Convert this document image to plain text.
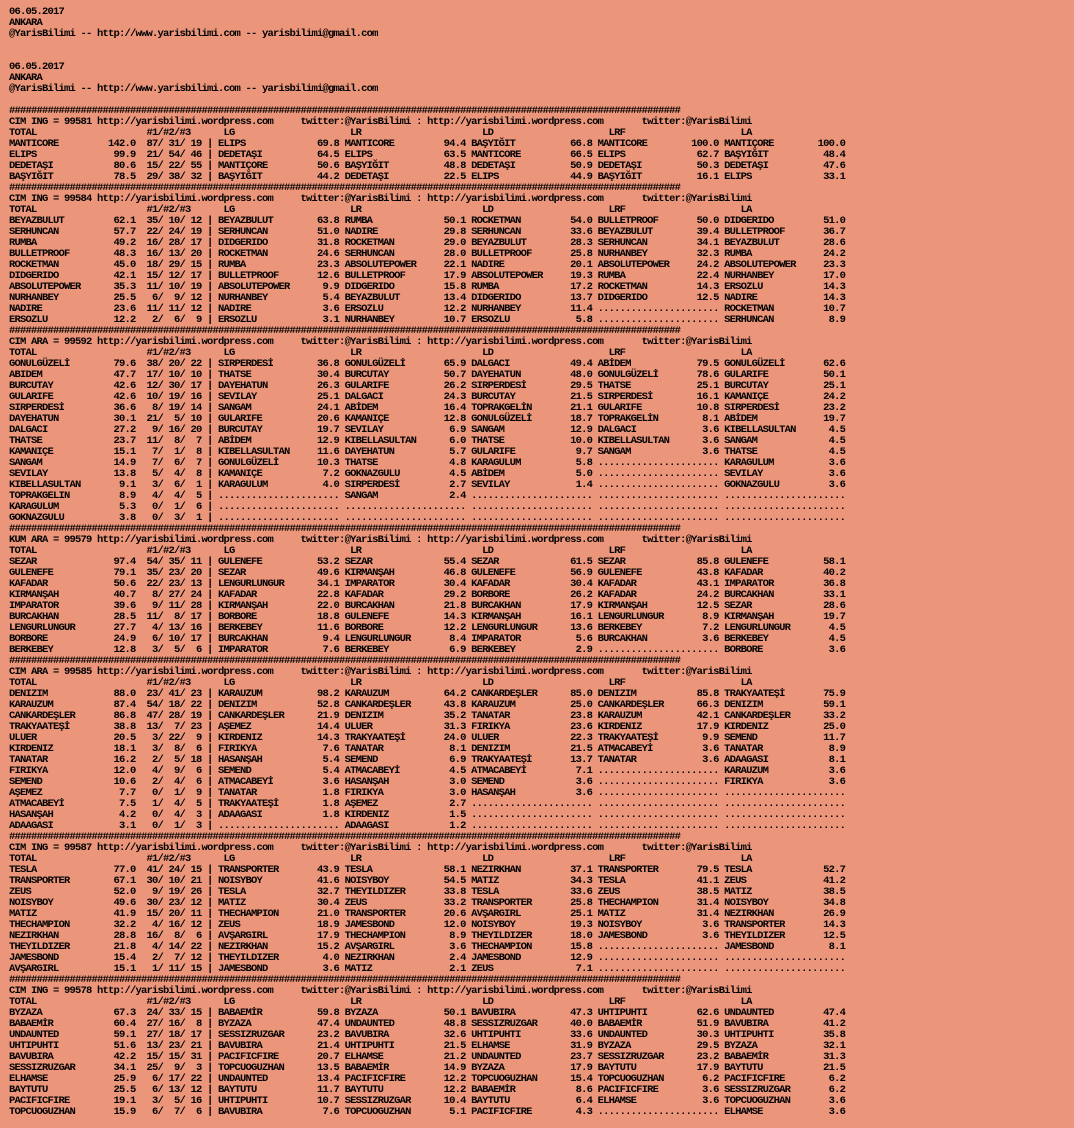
06.05.2017
ANKARA
@YarisBilimi -- http://www.yarisbilimi.com -- yarisbilimi@gmail.com

06.05.2017
ANKARA
@YarisBilimi -- http://www.yarisbilimi.com -- yarisbilimi@gmail.com

##########################################################################################################################
CIM ING = 99581 http://yarisbilimi.wordpress.com     twitter:@YarisBilimi : http://yarisbilimi.wordpress.com       twitter:@YarisBilimi
TOTAL                    #1/#2/#3      LG                     LR                      LD                     LRF                     LA
MANTICORE         142.0  87/ 31/ 19 | ELIPS             69.8 MANTICORE         94.4 BAŞYIĞIT          66.8 MANTICORE        100.0 MANTIÇORE        100.0
ELIPS              99.9  21/ 54/ 46 | DEDETAŞI          64.5 ELIPS             63.5 MANTICORE         66.5 ELIPS             62.7 BAŞYIĞIT          48.4
DEDETAŞI           80.6  15/ 22/ 55 | MANTIÇORE         50.6 BAŞYIĞIT          48.8 DEDETAŞI          50.9 DEDETAŞI          50.3 DEDETAŞI          47.6
BAŞYIĞIT           78.5  29/ 38/ 32 | BAŞYIĞIT          44.2 DEDETAŞI          22.5 ELIPS             44.9 BAŞYIĞIT          16.1 ELIPS             33.1
##########################################################################################################################
CIM ING = 99584 http://yarisbilimi.wordpress.com     twitter:@YarisBilimi : http://yarisbilimi.wordpress.com       twitter:@YarisBilimi
TOTAL                    #1/#2/#3      LG                     LR                      LD                     LRF                     LA
BEYAZBULUT         62.1  35/ 10/ 12 | BEYAZBULUT        63.8 RUMBA             50.1 ROCKETMAN         54.0 BULLETPROOF       50.0 DIDGERIDO         51.0
SERHUNCAN          57.7  22/ 24/ 19 | SERHUNCAN         51.0 NADIRE            29.8 SERHUNCAN         33.6 BEYAZBULUT        39.4 BULLETPROOF       36.7
RUMBA              49.2  16/ 28/ 17 | DIDGERIDO         31.8 ROCKETMAN         29.0 BEYAZBULUT        28.3 SERHUNCAN         34.1 BEYAZBULUT        28.6
BULLETPROOF        48.3  16/ 13/ 20 | ROCKETMAN         24.6 SERHUNCAN         28.0 BULLETPROOF       25.8 NURHANBEY         32.3 RUMBA             24.2
ROCKETMAN          45.0  18/ 29/ 15 | RUMBA             23.3 ABSOLUTEPOWER     22.1 NADIRE            20.1 ABSOLUTEPOWER     24.2 ABSOLUTEPOWER     23.3
DIDGERIDO          42.1  15/ 12/ 17 | BULLETPROOF       12.6 BULLETPROOF       17.9 ABSOLUTEPOWER     19.3 RUMBA             22.4 NURHANBEY         17.0
ABSOLUTEPOWER      35.3  11/ 10/ 19 | ABSOLUTEPOWER      9.9 DIDGERIDO         15.8 RUMBA             17.2 ROCKETMAN         14.3 ERSOZLU           14.3
NURHANBEY          25.5   6/  9/ 12 | NURHANBEY          5.4 BEYAZBULUT        13.4 DIDGERIDO         13.7 DIDGERIDO         12.5 NADIRE            14.3
NADIRE             23.6  11/ 11/ 12 | NADIRE             3.6 ERSOZLU           12.2 NURHANBEY         11.4 ...................... ROCKETMAN         10.7
ERSOZLU            12.2   2/  6/  9 | ERSOZLU            3.1 NURHANBEY         10.7 ERSOZLU            5.8 ...................... SERHUNCAN          8.9
##########################################################################################################################
CIM ARA = 99592 http://yarisbilimi.wordpress.com     twitter:@YarisBilimi : http://yarisbilimi.wordpress.com       twitter:@YarisBilimi
TOTAL                    #1/#2/#3      LG                     LR                      LD                     LRF                     LA
GONULGÜZELİ        79.6  38/ 20/ 22 | SIRPERDESİ        36.8 GONULGÜZELİ       65.9 DALGACI           49.4 ABİDEM            79.5 GONULGÜZELİ       62.6
ABIDEM             47.7  17/ 10/ 10 | THATSE            30.4 BURCUTAY          50.7 DAYEHATUN         48.0 GONULGÜZELİ       78.6 GULARIFE          50.1
BURCUTAY           42.6  12/ 30/ 17 | DAYEHATUN         26.3 GULARIFE          26.2 SIRPERDESİ        29.5 THATSE            25.1 BURCUTAY          25.1
GULARIFE           42.6  10/ 19/ 16 | SEVILAY           25.1 DALGACI           24.3 BURCUTAY          21.5 SIRPERDESİ        16.1 KAMANIÇE          24.2
SIRPERDESİ         36.6   8/ 19/ 14 | SANGAM            24.1 ABİDEM            16.4 TOPRAKGELİN       21.1 GULARIFE          10.8 SIRPERDESİ        23.2
DAYEHATUN          30.1  21/  5/ 10 | GULARIFE          20.6 KAMANIÇE          12.8 GONULGÜZELİ       18.7 TOPRAKGELİN        8.1 ABİDEM            19.7
DALGACI            27.2   9/ 16/ 20 | BURCUTAY          19.7 SEVILAY            6.9 SANGAM            12.9 DALGACI            3.6 KIBELLASULTAN      4.5
THATSE             23.7  11/  8/  7 | ABİDEM            12.9 KIBELLASULTAN      6.0 THATSE            10.0 KIBELLASULTAN      3.6 SANGAM             4.5
KAMANIÇE           15.1   7/  1/  8 | KIBELLASULTAN     11.6 DAYEHATUN          5.7 GULARIFE           9.7 SANGAM             3.6 THATSE             4.5
SANGAM             14.9   7/  6/  7 | GONULGÜZELİ       10.3 THATSE             4.8 KARAGULUM          5.8 ...................... KARAGULUM          3.6
SEVILAY            13.8   5/  4/  8 | KAMANIÇE           7.2 GOKNAZGULU         4.5 ABİDEM             5.0 ...................... SEVILAY            3.6
KIBELLASULTAN       9.1   3/  6/  1 | KARAGULUM          4.0 SIRPERDESİ         2.7 SEVILAY            1.4 ...................... GOKNAZGULU         3.6
TOPRAKGELIN         8.9   4/  4/  5 | ...................... SANGAM             2.4 ...................... ...................... ......................
KARAGULUM           5.3   0/  1/  6 | ...................... ...................... ...................... ...................... ......................
GOKNAZGULU          3.8   0/  3/  1 | ...................... ...................... ...................... ...................... ......................
##########################################################################################################################
KUM ARA = 99579 http://yarisbilimi.wordpress.com     twitter:@YarisBilimi : http://yarisbilimi.wordpress.com       twitter:@YarisBilimi
TOTAL                    #1/#2/#3      LG                     LR                      LD                     LRF                     LA
SEZAR              97.4  54/ 35/ 11 | GULENEFE          53.2 SEZAR             55.4 SEZAR             61.5 SEZAR             85.8 GULENEFE          58.1
GULENEFE           79.1  35/ 23/ 20 | SEZAR             49.6 KIRMANŞAH         46.8 GULENEFE          56.9 GULENEFE          43.8 KAFADAR           40.2
KAFADAR            50.6  22/ 23/ 13 | LENGURLUNGUR      34.1 IMPARATOR         30.4 KAFADAR           30.4 KAFADAR           43.1 IMPARATOR         36.8
KIRMANŞAH          40.7   8/ 27/ 24 | KAFADAR           22.8 KAFADAR           29.2 BORBORE           26.2 KAFADAR           24.2 BURCAKHAN         33.1
IMPARATOR          39.6   9/ 11/ 28 | KIRMANŞAH         22.0 BURCAKHAN         21.8 BURCAKHAN         17.9 KIRMANŞAH         12.5 SEZAR             28.6
BURCAKHAN          28.5  11/  8/ 17 | BORBORE           18.8 GULENEFE          14.3 KIRMANŞAH         16.1 LENGURLUNGUR       8.9 KIRMANŞAH         19.7
LENGURLUNGUR       27.7   4/ 13/ 16 | BERKEBEY          11.6 BORBORE           12.2 LENGURLUNGUR      13.6 BERKEBEY           7.2 LENGURLUNGUR       4.5
BORBORE            24.9   6/ 10/ 17 | BURCAKHAN          9.4 LENGURLUNGUR       8.4 IMPARATOR          5.6 BURCAKHAN          3.6 BERKEBEY           4.5
BERKEBEY           12.8   3/  5/  6 | IMPARATOR          7.6 BERKEBEY           6.9 BERKEBEY           2.9 ...................... BORBORE            3.6
##########################################################################################################################
CIM ARA = 99585 http://yarisbilimi.wordpress.com     twitter:@YarisBilimi : http://yarisbilimi.wordpress.com       twitter:@YarisBilimi
TOTAL                    #1/#2/#3      LG                     LR                      LD                     LRF                     LA
DENIZIM            88.0  23/ 41/ 23 | KARAUZUM          98.2 KARAUZUM          64.2 CANKARDEŞLER      85.0 DENIZIM           85.8 TRAKYAATEŞİ       75.9
KARAUZUM           87.4  54/ 18/ 22 | DENIZIM           52.8 CANKARDEŞLER      43.8 KARAUZUM          25.0 CANKARDEŞLER      66.3 DENIZIM           59.1
CANKARDEŞLER       86.8  47/ 28/ 19 | CANKARDEŞLER      21.9 DENIZIM           35.2 TANATAR           23.8 KARAUZUM          42.1 CANKARDEŞLER      33.2
TRAKYAATEŞİ        38.8  13/  7/ 23 | AŞEMEZ            14.4 ULUER             31.3 FIRIKYA           23.6 KIRDENIZ          17.9 KIRDENIZ          25.0
ULUER              20.5   3/ 22/  9 | KIRDENIZ          14.3 TRAKYAATEŞİ       24.0 ULUER             22.3 TRAKYAATEŞİ        9.9 SEMEND            11.7
KIRDENIZ           18.1   3/  8/  6 | FIRIKYA            7.6 TANATAR            8.1 DENIZIM           21.5 ATMACABEYİ         3.6 TANATAR            8.9
TANATAR            16.2   2/  5/ 18 | HASANŞAH           5.4 SEMEND             6.9 TRAKYAATEŞİ       13.7 TANATAR            3.6 ADAAGASI           8.1
FIRIKYA            12.0   4/  9/  6 | SEMEND             5.4 ATMACABEYİ         4.5 ATMACABEYİ         7.1 ...................... KARAUZUM           3.6
SEMEND             10.6   2/  4/  6 | ATMACABEYİ         3.6 HASANŞAH           3.0 SEMEND             3.6 ...................... FIRIKYA            3.6
AŞEMEZ              7.7   0/  1/  9 | TANATAR            1.8 FIRIKYA            3.0 HASANŞAH           3.6 ...................... ......................
ATMACABEYİ          7.5   1/  4/  5 | TRAKYAATEŞİ        1.8 AŞEMEZ             2.7 ...................... ...................... ......................
HASANŞAH            4.2   0/  4/  3 | ADAAGASI           1.8 KIRDENIZ           1.5 ...................... ...................... ......................
ADAAGASI            3.1   0/  1/  3 | ...................... ADAAGASI           1.2 ...................... ...................... ......................
##########################################################################################################################
CIM ING = 99587 http://yarisbilimi.wordpress.com     twitter:@YarisBilimi : http://yarisbilimi.wordpress.com       twitter:@YarisBilimi
TOTAL                    #1/#2/#3      LG                     LR                      LD                     LRF                     LA
TESLA              77.0  41/ 24/ 15 | TRANSPORTER       43.9 TESLA             58.1 NEZIRKHAN         37.1 TRANSPORTER       79.5 TESLA             52.7
TRANSPORTER        67.1  30/ 10/ 21 | NOISYBOY          41.6 NOISYBOY          54.5 MATIZ             34.3 TESLA             41.1 ZEUS              41.2
ZEUS               52.0   9/ 19/ 26 | TESLA             32.7 THEYILDIZER       33.8 TESLA             33.6 ZEUS              38.5 MATIZ             38.5
NOISYBOY           49.6  30/ 23/ 12 | MATIZ             30.4 ZEUS              33.2 TRANSPORTER       25.8 THECHAMPION       31.4 NOISYBOY          34.8
MATIZ              41.9  15/ 20/ 11 | THECHAMPION       21.0 TRANSPORTER       20.6 AVŞARGIRL         25.1 MATIZ             31.4 NEZIRKHAN         26.9
THECHAMPION        32.2   4/ 16/ 12 | ZEUS              18.9 JAMESBOND         12.0 NOISYBOY          19.3 NOISYBOY           3.6 TRANSPORTER       14.3
NEZIRKHAN          28.8  16/  8/  6 | AVŞARGIRL         17.9 THECHAMPION        8.9 THEYILDIZER       18.0 JAMESBOND          3.6 THEYILDIZER       12.5
THEYILDIZER        21.8   4/ 14/ 22 | NEZIRKHAN         15.2 AVŞARGIRL          3.6 THECHAMPION       15.8 ...................... JAMESBOND          8.1
JAMESBOND          15.4   2/  7/ 12 | THEYILDIZER        4.0 NEZIRKHAN          2.4 JAMESBOND         12.9 ...................... ......................
AVŞARGIRL          15.1   1/ 11/ 15 | JAMESBOND          3.6 MATIZ              2.1 ZEUS               7.1 ...................... ......................
##########################################################################################################################
CIM ING = 99578 http://yarisbilimi.wordpress.com     twitter:@YarisBilimi : http://yarisbilimi.wordpress.com       twitter:@YarisBilimi
TOTAL                    #1/#2/#3      LG                     LR                      LD                     LRF                     LA
BYZAZA             67.3  24/ 33/ 15 | BABAEMİR          59.8 BYZAZA            50.1 BAVUBIRA          47.3 UHTIPUHTI         62.6 UNDAUNTED         47.4
BABAEMİR           60.4  27/ 16/  8 | BYZAZA            47.4 UNDAUNTED         48.8 SESSIZRUZGAR      40.0 BABAEMİR          51.9 BAVUBIRA          41.2
UNDAUNTED          59.1  27/ 18/ 17 | SESSIZRUZGAR      23.2 BAVUBIRA          32.6 UHTIPUHTI         33.6 UNDAUNTED         30.3 UHTIPUHTI         35.8
UHTIPUHTI          51.6  13/ 23/ 21 | BAVUBIRA          21.4 UHTIPUHTI         21.5 ELHAMSE           31.9 BYZAZA            29.5 BYZAZA            32.1
BAVUBIRA           42.2  15/ 15/ 31 | PACIFICFIRE       20.7 ELHAMSE           21.2 UNDAUNTED         23.7 SESSIZRUZGAR      23.2 BABAEMİR          31.3
SESSIZRUZGAR       34.1  25/  9/  3 | TOPCUOGUZHAN      13.5 BABAEMİR          14.9 BYZAZA            17.9 BAYTUTU           17.9 BAYTUTU           21.5
ELHAMSE            25.9   6/ 17/ 22 | UNDAUNTED         13.4 PACIFICFIRE       12.2 TOPCUOGUZHAN      15.4 TOPCUOGUZHAN       6.2 PACIFICFIRE        6.2
BAYTUTU            25.5   6/ 13/ 12 | BAYTUTU           11.7 BAYTUTU           12.2 BABAEMİR           8.6 PACIFICFIRE        3.6 SESSIZRUZGAR       6.2
PACIFICFIRE        19.1   3/  5/ 16 | UHTIPUHTI         10.7 SESSIZRUZGAR      10.4 BAYTUTU            6.4 ELHAMSE            3.6 TOPCUOGUZHAN       3.6
TOPCUOGUZHAN       15.9   6/  7/  6 | BAVUBIRA           7.6 TOPCUOGUZHAN       5.1 PACIFICFIRE        4.3 ...................... ELHAMSE            3.6
